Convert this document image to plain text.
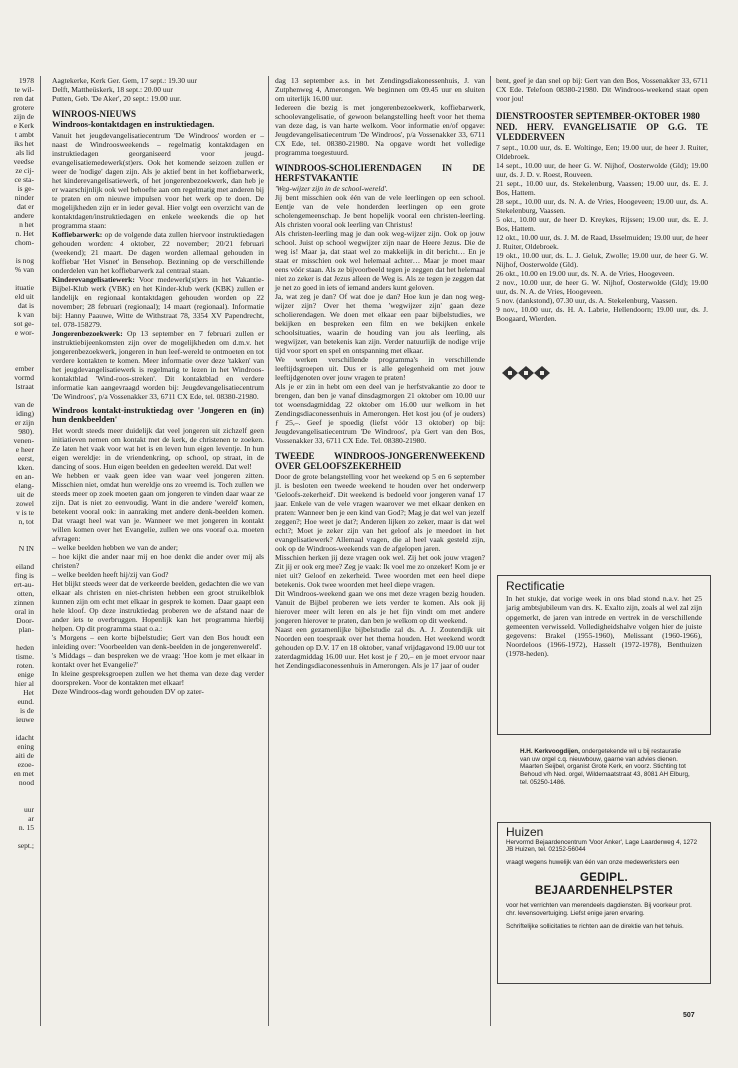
1978
te wil-
ren dat
grotere
zijn de
e Kerk
t ambt
iks het
als lid
veedse
ze cij-
ce sta-
is ge-
ninder
dat er
andere
n het
n. Het
chom-

is nog
% van

ituatie
eld uit
dat is
k van
sot ge-
e wor-

ember
vormd
lstraat

van de
iding)
er zijn
980).
venen-
e heer
eerst,
kken.
en an-
elang-
uit de
zowel
v is te
n, tot

N IN

eiland
fing is
ert-au-
otten,
zinnen
oral in
Door-
plan-

heden
tisme.
roten.
enige
hier al
Het
eund.
is de
ieuwe

idacht
ening
aiti de
ezoe-
en met
nood

uur
ar
n. 15

sept.;

Aagtekerke, Kerk Ger. Gem, 17 sept.: 19.30 uur

Delft, Mattheüskerk, 18 sept.: 20.00 uur

Putten, Geb. 'De Aker', 20 sept.: 19.00 uur.

WINROOS-NIEUWS
Windroos-kontaktdagen en instruktiedagen.

Vanuit het jeugdevangelisatiecentrum 'De Windroos' worden er – naast de Windroosweekends – regelmatig kontaktdagen en instruktiedagen georganiseerd voor jeugd-evangelisatiemedewerk(st)ers. Ook het komende seizoen zullen er weer de 'nodige' dagen zijn. Als je aktief bent in het koffiebarwerk, het kinderevangelisatiewerk, of het jongerenbezoekwerk, dan heb je er waarschijnlijk ook wel behoefte aan om regelmatig met anderen bij te praten en om nieuwe impulsen voor het werk op te doen. De mogelijkheden zijn er in ieder geval. Hier volgt een overzicht van de kontaktdagen/instruktiedagen en enkele weekends die op het programma staan:

Koffiebarwerk: op de volgende data zullen hiervoor instruktiedagen gehouden worden: 4 oktober, 22 november; 20/21 februari (weekend); 21 maart. De dagen worden allemaal gehouden in koffiebar 'Het Visnet' in Bensehop. Bezinning op de verschillende onderdelen van het koffiebarwerk zal centraal staan.

Kinderevangelisatiewerk: Voor medewerk(st)ers in het Vakantie-Bijbel-Klub werk (VBK) en het Kinder-klub werk (KBK) zullen er landelijk en regionaal kontaktdagen gehouden worden op 22 november; 28 februari (regionaal); 14 maart (regionaal). Informatie bij: Hanny Paauwe, Witte de Withstraat 78, 3354 XV Papendrecht, tel. 078-158279.

Jongerenbezoekwerk: Op 13 september en 7 februari zullen er instruktiebijeenkomsten zijn over de mogelijkheden om d.m.v. het jongerenbezoekwerk, jongeren in hun leef-wereld te ontmoeten en tot verdere kontakten te komen. Meer informatie over deze 'takken' van het jeugdevangelisatiewerk is regelmatig te lezen in het Windroos-kontaktblad 'Wind-roos-streken'. Dit kontaktblad en verdere informatie kan aangevraagd worden bij: Jeugdevangelisatiecentrum 'De Windroos', p/a Vossenakker 33, 6711 CX Ede, tel. 08380-21980.

Windroos kontakt-instruktiedag over 'Jongeren en (in) hun denkbeelden'

Het wordt steeds meer duidelijk dat veel jongeren uit zichzelf geen initiatieven nemen om kontakt met de kerk, de christenen te zoeken. Ze laten het vaak voor wat het is en leven hun eigen leventje. In hun eigen wereldje: in de vriendenkring, op school, op straat, in de dancing of soos. Hun eigen beelden en gedeelten wereld. Dat wel!

We hebben er vaak geen idee van waar veel jongeren zitten. Misschien niet, omdat hun wereldje ons zo vreemd is. Toch zullen we steeds meer op zoek moeten gaan om jongeren te vinden daar waar ze zijn. Dat is niet zo eenvoudig. Want in die andere 'wereld' komen, betekent vooral ook: in aanraking met andere denk-beelden komen. Dat vraagt heel wat van je. Wanneer we met jongeren in kontakt willen komen over het Evangelie, zullen we ons vooraf o.a. moeten afvragen:

– welke beelden hebben we van de ander;

– hoe kijkt die ander naar mij en hoe denkt die ander over mij als christen?

– welke beelden heeft hij/zij van God?

Het blijkt steeds weer dat de verkeerde beelden, gedachten die we van elkaar als christen en niet-christen hebben een groot struikelblok kunnen zijn om echt met elkaar in gesprek te komen. Daar gaapt een hele kloof. Op deze instruktiedag proberen we de afstand naar de ander iets te overbruggen. Hopenlijk kan het programma hierbij helpen. Op dit programma staat o.a.:

's Morgens – een korte bijbelstudie; Gert van den Bos houdt een inleiding over: 'Voorbeelden van denk-beelden in de jongerenwereld'.

's Middags – dan bespreken we de vraag: 'Hoe kom je met elkaar in kontakt over het Evangelie?'

In kleine gespreksgroepen zullen we het thema van deze dag verder doorspreken. Voor de kontakten met elkaar!

Deze Windroos-dag wordt gehouden DV op zater-

dag 13 september a.s. in het Zendingsdiakonessenhuis, J. van Zutphenweg 4, Amerongen. We beginnen om 09.45 uur en sluiten om uiterlijk 16.00 uur.

Iedereen die bezig is met jongerenbezoekwerk, koffiebarwerk, schoolevangelisatie, of gewoon belangstelling heeft voor het thema van deze dag, is van harte welkom. Voor informatie en/of opgave: Jeugdevangelisatiecentrum 'De Windroos', p/a Vossenakker 33, 6711 CX Ede, tel. 08380-21980. Na opgave wordt het volledige programma toegestuurd.

WINDROOS-SCHOLIERENDAGEN IN DE HERFSTVAKANTIE

'Weg-wijzer zijn in de school-wereld'.

Jij bent misschien ook één van de vele leerlingen op een school. Eentje van de vele honderden leerlingen op een grote scholengemeenschap. Je bent hopelijk vooral een christen-leerling. Als christen vooral ook leerling van Christus!

Als christen-leerling mag je dan ook weg-wijzer zijn. Ook op jouw school. Juist op school wegwijzer zijn naar de Heere Jezus. Die de weg is! Maar ja, dat staat wel zo makkelijk in dit bericht… En je staat er misschien ook wel helemaal achter… Maar je moet maar eens vóór staan. Als ze bijvoorbeeld tegen je zeggen dat het helemaal niet zo zeker is dat Jezus alleen de Weg is. Als ze tegen je zeggen dat je net zo goed in iets of iemand anders kunt geloven.

Ja, wat zeg je dan? Of wat doe je dan? Hoe kun je dan nog weg-wijzer zijn? Over het thema 'wegwijzer zijn' gaan deze scholierendagen. We doen met elkaar een paar bijbelstudies, we bekijken en bespreken een film en we bekijken enkele schoolsituaties, waarin de houding van jou als leerling, als wegwijzer, van betekenis kan zijn. Verder natuurlijk de nodige vrije tijd voor sport en spel en ontspanning met elkaar.

We werken verschillende programma's in verschillende leeftijdsgroepen uit. Dus er is alle gelegenheid om met jouw leeftijdgenoten over jouw vragen te praten!

Als je er zin in hebt om een deel van je herfstvakantie zo door te brengen, dan ben je vanaf dinsdagmorgen 21 oktober om 10.00 uur tot woensdagmiddag 22 oktober om 16.00 uur welkom in het Zendingsdiaconessenhuis in Amerongen. Het kost jou (of je ouders) ƒ 25,–. Geef je spoedig (liefst vóór 13 oktober) op bij: Jeugdevangelisatiecentrum 'De Windroos', p/a Gert van den Bos, Vossenakker 33, 6711 CX Ede. Tel. 08380-21980.

TWEEDE WINDROOS-JONGERENWEEKEND OVER GELOOFSZEKERHEID

Door de grote belangstelling voor het weekend op 5 en 6 september jl. is besloten een tweede weekend te houden over het onderwerp 'Geloofs-zekerheid'. Dit weekend is bedoeld voor jongeren vanaf 17 jaar. Enkele van de vele vragen waarover we met elkaar denken en praten: Wanneer ben je een kind van God?; Mag je dat wel van jezelf zeggen?; Hoe weet je dat?; Anderen lijken zo zeker, maar is dat wel echt?; Moet je zeker zijn van het geloof als je meedoet in het evangelisatiewerk? Allemaal vragen, die al heel vaak gesteld zijn, ook op de Windroos-weekends van de afgelopen jaren.

Misschien herken jij deze vragen ook wel. Zij het ook jouw vragen? Zit jij er ook erg mee? Zeg je vaak: Ik voel me zo onzeker! Kom je er niet uit? Geloof en zekerheid. Twee woorden met een heel diepe betekenis. Ook twee woorden met heel diepe vragen.

Dit Windroos-weekend gaan we ons met deze vragen bezig houden. Vanuit de Bijbel proberen we iets verder te komen. Als ook jij hierover meer wilt leren en als je het fijn vindt om met andere jongeren hierover te praten, dan ben je welkom op dit weekend.

Naast een gezamenlijke bijbelstudie zal ds. A. J. Zoutendijk uit Noorden een toespraak over het thema houden. Het weekend wordt gehouden op D.V. 17 en 18 oktober, vanaf vrijdagavond 19.00 uur tot zaterdagmiddag 16.00 uur. Het kost je ƒ 20,– en je moet ervoor naar het Zendingsdiaconessenhuis in Amerongen. Als je 17 jaar of ouder

bent, geef je dan snel op bij: Gert van den Bos, Vossenakker 33, 6711 CX Ede. Telefoon 08380-21980. Dit Windroos-weekend staat open voor jou!

DIENSTROOSTER SEPTEMBER-OKTOBER 1980
NED. HERV. EVANGELISATIE OP G.G. TE VLEDDERVEEN

7 sept., 10.00 uur, ds. E. Woltinge, Een; 19.00 uur, de heer J. Ruiter, Oldebroek.

14 sept., 10.00 uur, de heer G. W. Nijhof, Oosterwolde (Gld); 19.00 uur, ds. J. D. v. Roest, Rouveen.

21 sept., 10.00 uur, ds. Stekelenburg, Vaassen; 19.00 uur, ds. E. J. Bos, Hattem.

28 sept., 10.00 uur, ds. N. A. de Vries, Hoogeveen; 19.00 uur, ds. A. Stekelenburg, Vaassen.

5 okt., 10.00 uur, de heer D. Kreykes, Rijssen; 19.00 uur, ds. E. J. Bos, Hattem.

12 okt., 10.00 uur, ds. J. M. de Raad, IJsselmuiden; 19.00 uur, de heer J. Ruiter, Oldebroek.

19 okt., 10.00 uur, ds. L. J. Geluk, Zwolle; 19.00 uur, de heer G. W. Nijhof, Oosterwolde (Gld).

26 okt., 10.00 en 19.00 uur, ds. N. A. de Vries, Hoogeveen.

2 nov., 10.00 uur, de heer G. W. Nijhof, Oosterwolde (Gld); 19.00 uur, ds. N. A. de Vries, Hoogeveen.

5 nov. (dankstond), 07.30 uur, ds. A. Stekelenburg, Vaassen.

9 nov., 10.00 uur, ds. H. A. Labrie, Hellendoorn; 19.00 uur, ds. J. Boogaard, Wierden.

Rectificatie
In het stukje, dat vorige week in ons blad stond n.a.v. het 25 jarig ambtsjubileum van drs. K. Exalto zijn, zoals al wel zal zijn opgemerkt, de jaren van intrede en vertrek in de verschillende gemeenten verwisseld. Volledigheidshalve volgen hier de juiste gegevens: Brakel (1955-1960), Melissant (1960-1966), Noordeloos (1966-1972), Hasselt (1972-1978), Benthuizen (1978-heden).
H.H. Kerkvoogdijen, ondergetekende wil u bij restauratie van uw orgel c.q. nieuwbouw, gaarne van advies dienen. Maarten Seijbel, organist Grote Kerk, en voorz. Stichting tot Behoud v/h Ned. orgel, Wildemaatstraat 43, 8081 AH Elburg, tel. 05250-1486.
Huizen

Hervormd Bejaardencentrum 'Voor Anker', Lage Laarderweg 4, 1272 JB Huizen, tel. 02152-56044

vraagt wegens huwelijk van één van onze medewerksters een

GEDIPL.
BEJAARDENHELPSTER

voor het verrichten van merendeels dagdiensten. Bij voorkeur prot. chr. levensovertuiging. Liefst enige jaren ervaring.

Schriftelijke sollicitaties te richten aan de direktie van het tehuis.

507
